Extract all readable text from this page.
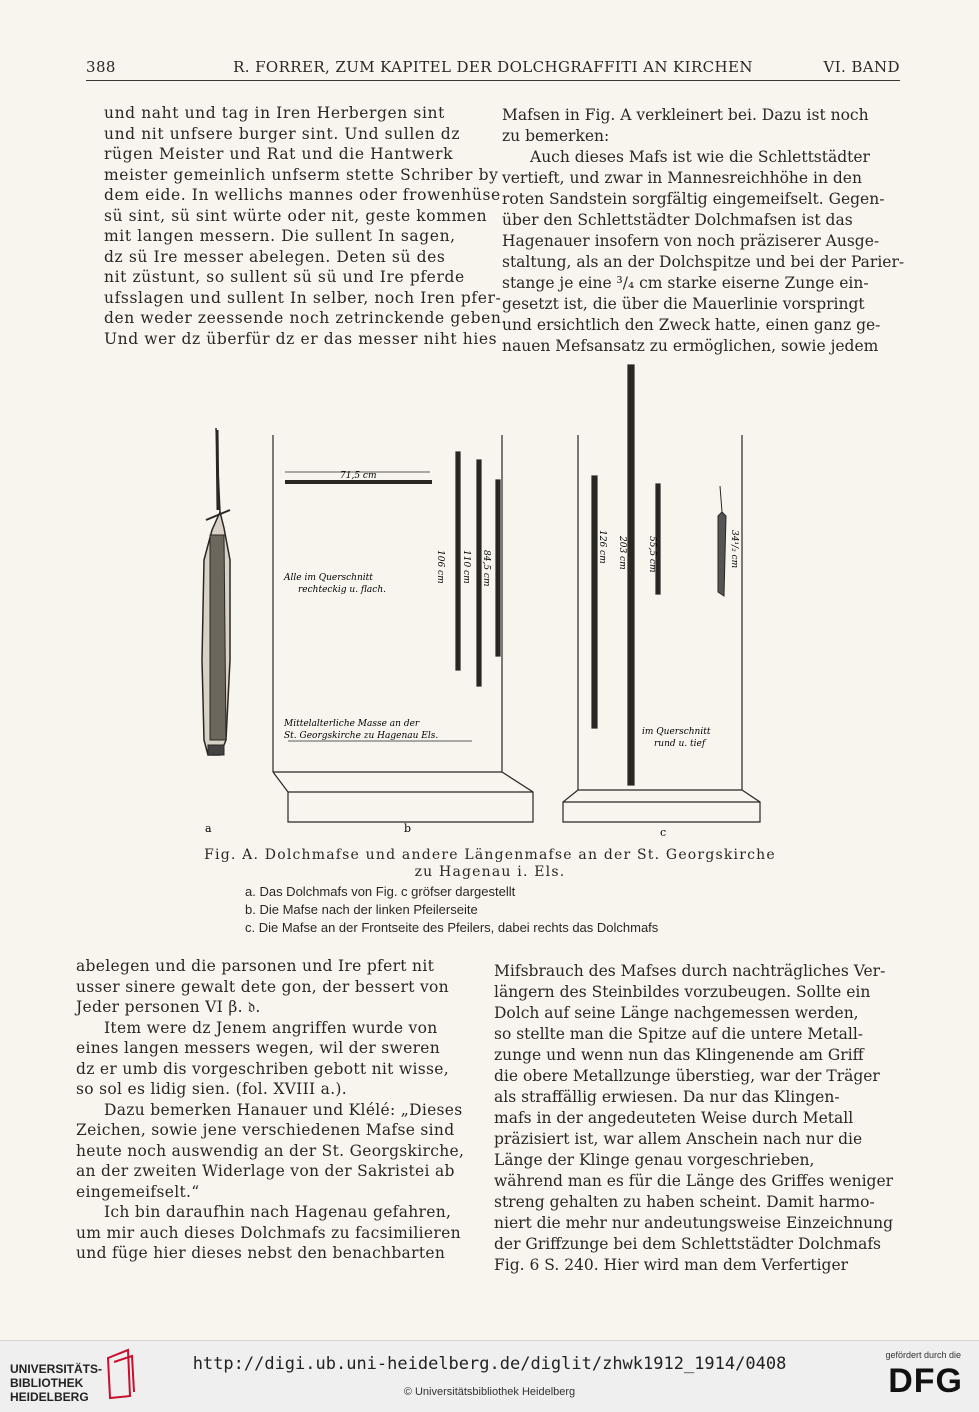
388	R. FORRER, ZUM KAPITEL DER DOLCHGRAFFITI AN KIRCHEN	VI. BAND
und naht und tag in Iren Herbergen sint
und nit unfsere burger sint. Und sullen dz
rügen Meister und Rat und die Hantwerk
meister gemeinlich unfserm stette Schriber by
dem eide. In wellichs mannes oder frowenhüse
sü sint, sü sint würte oder nit, geste kommen
mit langen messern. Die sullent In sagen,
dz sü Ire messer abelegen. Deten sü des
nit züstunt, so sullent sü sü und Ire pferde
ufsslagen und sullent In selber, noch Iren pfer-
den weder zeessende noch zetrinckende geben.
Und wer dz überfür dz er das messer niht hies
Mafsen in Fig. A verkleinert bei. Dazu ist noch
zu bemerken:
Auch dieses Mafs ist wie die Schlettstädter
vertieft, und zwar in Mannesreichhöhe in den
roten Sandstein sorgfältig eingemeifselt. Gegen-
über den Schlettstädter Dolchmafsen ist das
Hagenauer insofern von noch präziserer Ausge-
staltung, als an der Dolchspitze und bei der Parier-
stange je eine ³/₄ cm starke eiserne Zunge ein-
gesetzt ist, die über die Mauerlinie vorspringt
und ersichtlich den Zweck hatte, einen ganz ge-
nauen Mefsansatz zu ermöglichen, sowie jedem
a
71,5 cm
106 cm 110 cm 84,5 cm
Alle im Querschnitt
rechteckig u. flach.
Mittelalterliche Masse an der
St. Georgskirche zu Hagenau Els.
b
126 cm 203 cm 55,5 cm	34¹/₂ cm
im Querschnitt
rund u. tief
c
Fig. A. Dolchmafse und andere Längenmafse an der St. Georgskirche
zu Hagenau i. Els.
a. Das Dolchmafs von Fig. c gröfser dargestellt
b. Die Mafse nach der linken Pfeilerseite
c. Die Mafse an der Frontseite des Pfeilers, dabei rechts das Dolchmafs
abelegen und die parsonen und Ire pfert nit
usser sinere gewalt dete gon, der bessert von
Jeder personen VI β. 𝔡.
Item were dz Jenem angriffen wurde von
eines langen messers wegen, wil der sweren
dz er umb dis vorgeschriben gebott nit wisse,
so sol es lidig sien. (fol. XVIII a.).
Dazu bemerken Hanauer und Klélé: „Dieses
Zeichen, sowie jene verschiedenen Mafse sind
heute noch auswendig an der St. Georgskirche,
an der zweiten Widerlage von der Sakristei ab
eingemeifselt.“
Ich bin daraufhin nach Hagenau gefahren,
um mir auch dieses Dolchmafs zu facsimilieren
und füge hier dieses nebst den benachbarten
Mifsbrauch des Mafses durch nachträgliches Ver-
längern des Steinbildes vorzubeugen. Sollte ein
Dolch auf seine Länge nachgemessen werden,
so stellte man die Spitze auf die untere Metall-
zunge und wenn nun das Klingenende am Griff
die obere Metallzunge überstieg, war der Träger
als straffällig erwiesen. Da nur das Klingen-
mafs in der angedeuteten Weise durch Metall
präzisiert ist, war allem Anschein nach nur die
Länge der Klinge genau vorgeschrieben,
während man es für die Länge des Griffes weniger
streng gehalten zu haben scheint. Damit harmo-
niert die mehr nur andeutungsweise Einzeichnung
der Griffzunge bei dem Schlettstädter Dolchmafs
Fig. 6 S. 240. Hier wird man dem Verfertiger
UNIVERSITÄTS-
BIBLIOTHEK
HEIDELBERG
http://digi.ub.uni-heidelberg.de/diglit/zhwk1912_1914/0408
© Universitätsbibliothek Heidelberg
gefördert durch die
DFG
